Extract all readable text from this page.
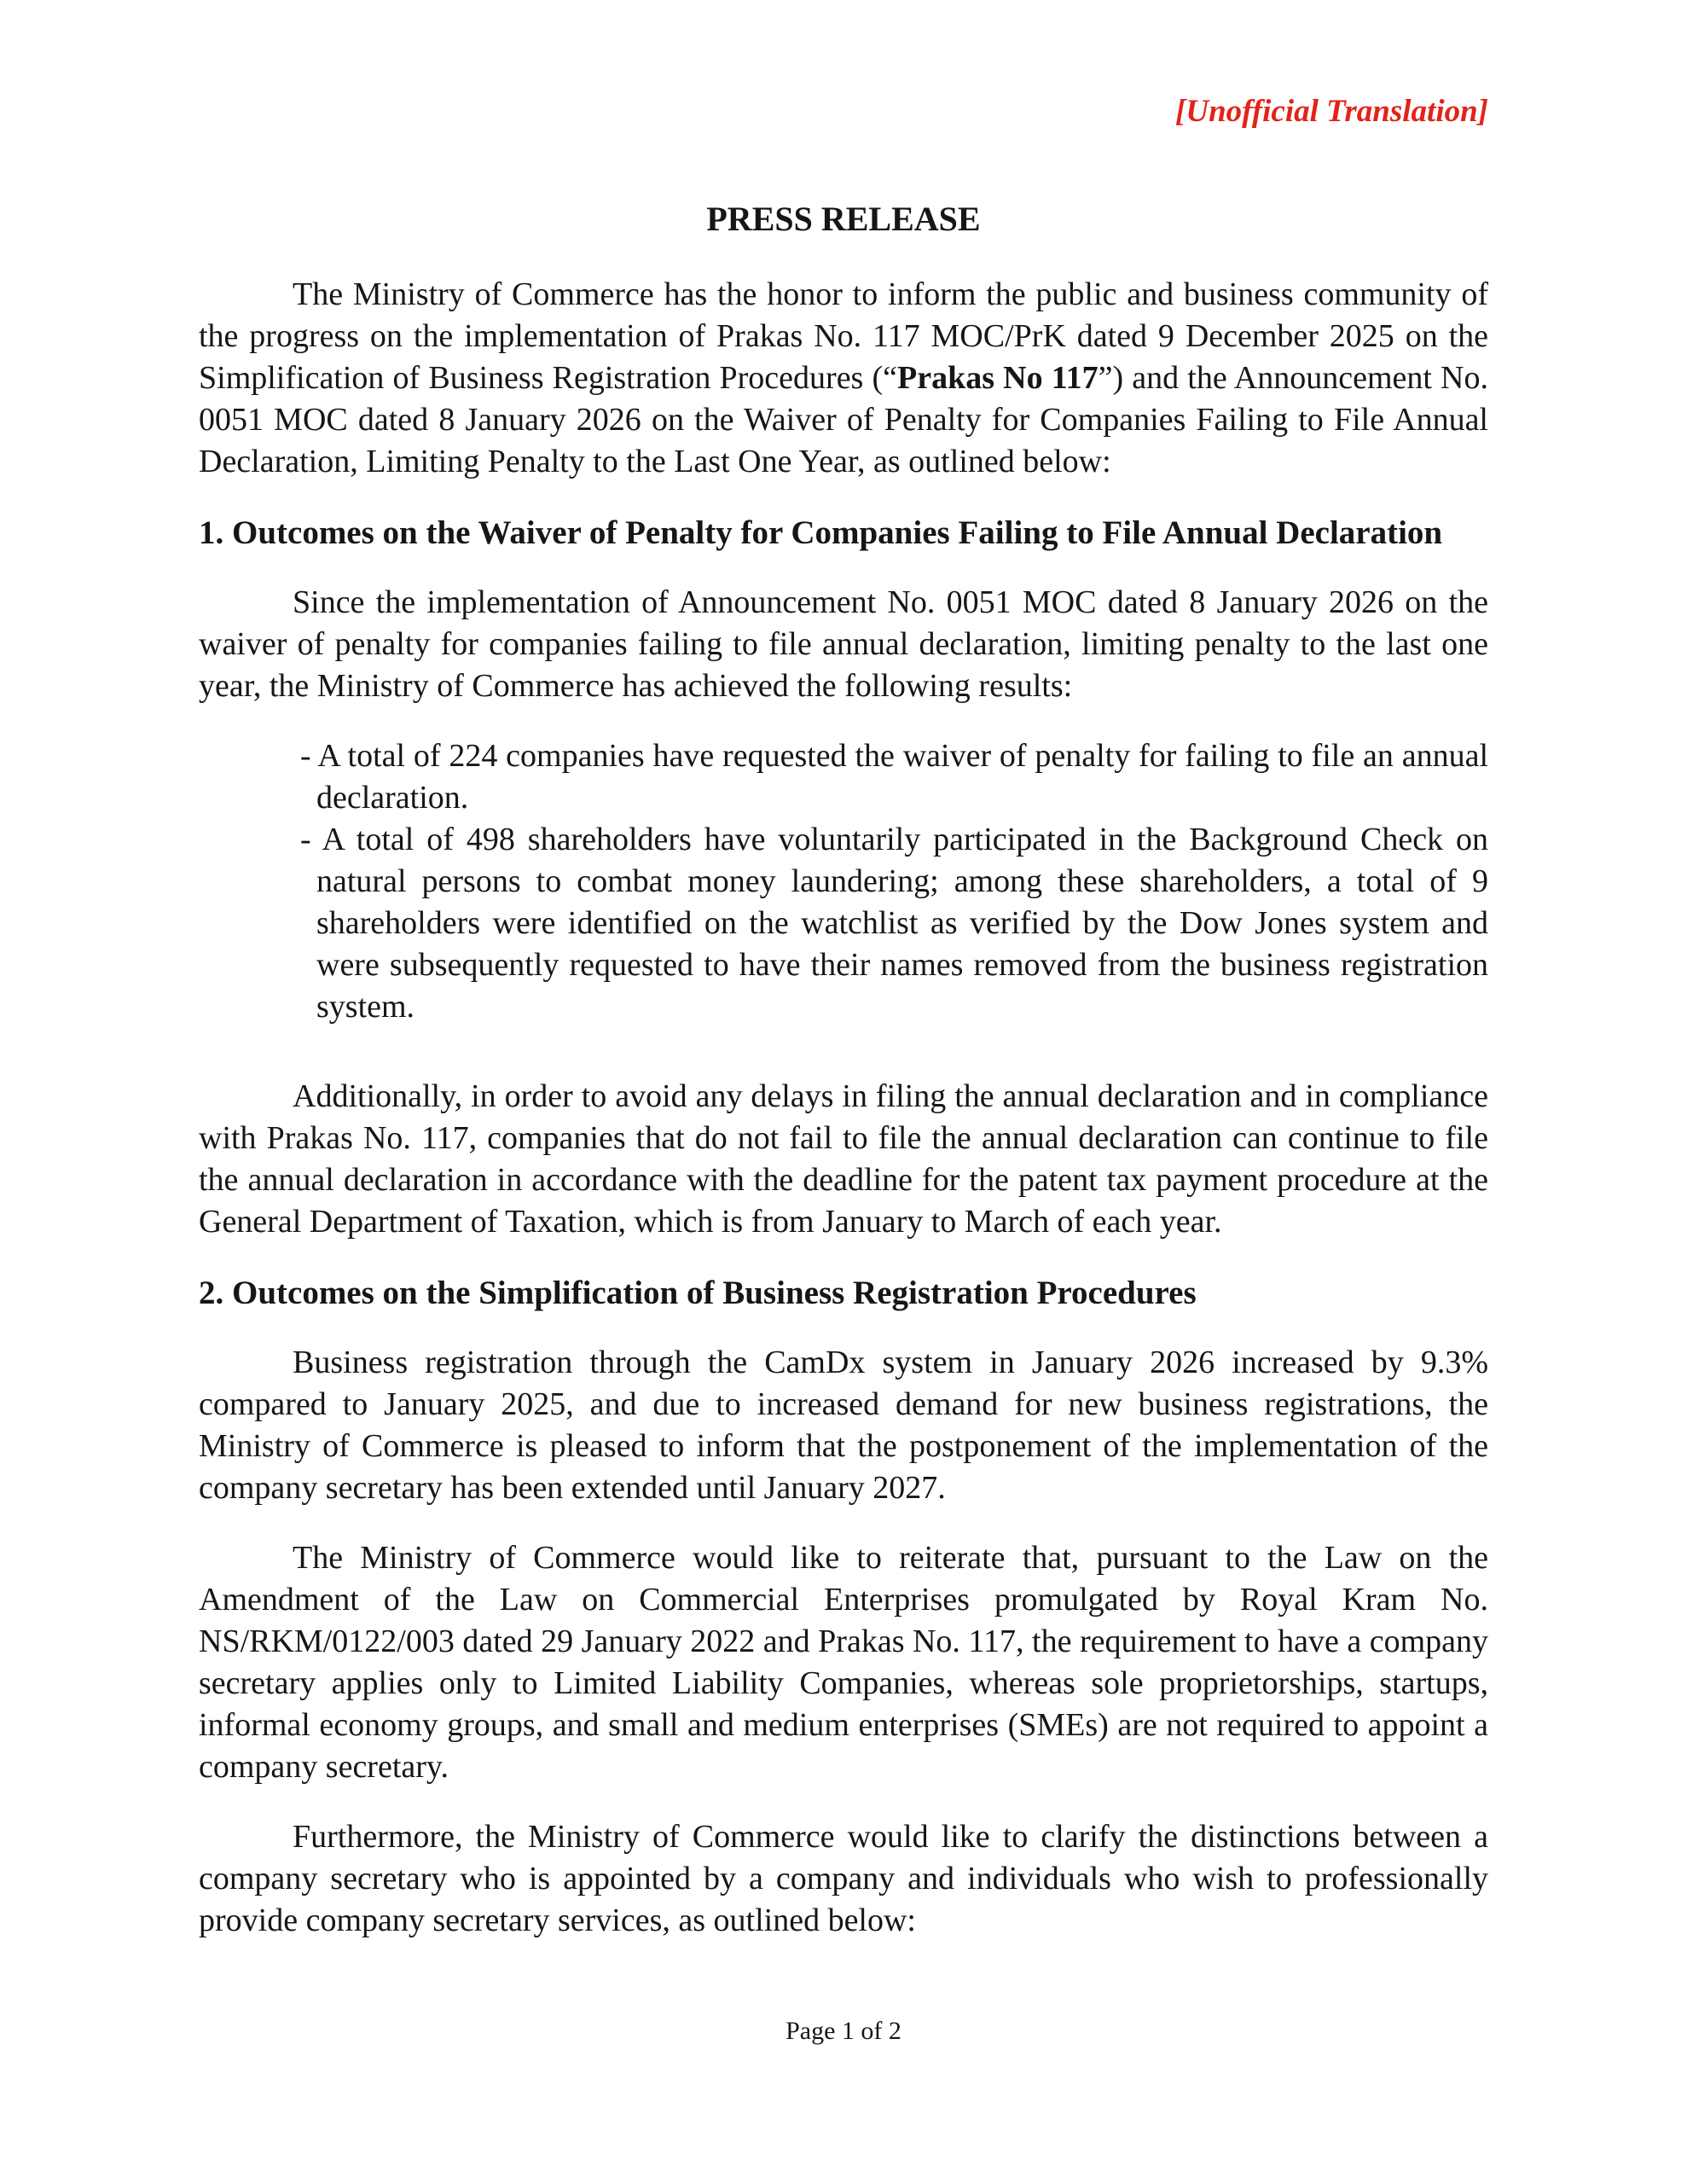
[Unofficial Translation]
PRESS RELEASE

The Ministry of Commerce has the honor to inform the public and business community of the progress on the implementation of Prakas No. 117 MOC/PrK dated 9 December 2025 on the Simplification of Business Registration Procedures (“Prakas No 117”) and the Announcement No. 0051 MOC dated 8 January 2026 on the Waiver of Penalty for Companies Failing to File Annual Declaration, Limiting Penalty to the Last One Year, as outlined below:

1. Outcomes on the Waiver of Penalty for Companies Failing to File Annual Declaration

Since the implementation of Announcement No. 0051 MOC dated 8 January 2026 on the waiver of penalty for companies failing to file annual declaration, limiting penalty to the last one year, the Ministry of Commerce has achieved the following results:

- A total of 224 companies have requested the waiver of penalty for failing to file an annual declaration.
- A total of 498 shareholders have voluntarily participated in the Background Check on natural persons to combat money laundering; among these shareholders, a total of 9 shareholders were identified on the watchlist as verified by the Dow Jones system and were subsequently requested to have their names removed from the business registration system.

Additionally, in order to avoid any delays in filing the annual declaration and in compliance with Prakas No. 117, companies that do not fail to file the annual declaration can continue to file the annual declaration in accordance with the deadline for the patent tax payment procedure at the General Department of Taxation, which is from January to March of each year.

2. Outcomes on the Simplification of Business Registration Procedures

Business registration through the CamDx system in January 2026 increased by 9.3% compared to January 2025, and due to increased demand for new business registrations, the Ministry of Commerce is pleased to inform that the postponement of the implementation of the company secretary has been extended until January 2027.

The Ministry of Commerce would like to reiterate that, pursuant to the Law on the Amendment of the Law on Commercial Enterprises promulgated by Royal Kram No. NS/RKM/0122/003 dated 29 January 2022 and Prakas No. 117, the requirement to have a company secretary applies only to Limited Liability Companies, whereas sole proprietorships, startups, informal economy groups, and small and medium enterprises (SMEs) are not required to appoint a company secretary.

Furthermore, the Ministry of Commerce would like to clarify the distinctions between a company secretary who is appointed by a company and individuals who wish to professionally provide company secretary services, as outlined below:

Page 1 of 2
